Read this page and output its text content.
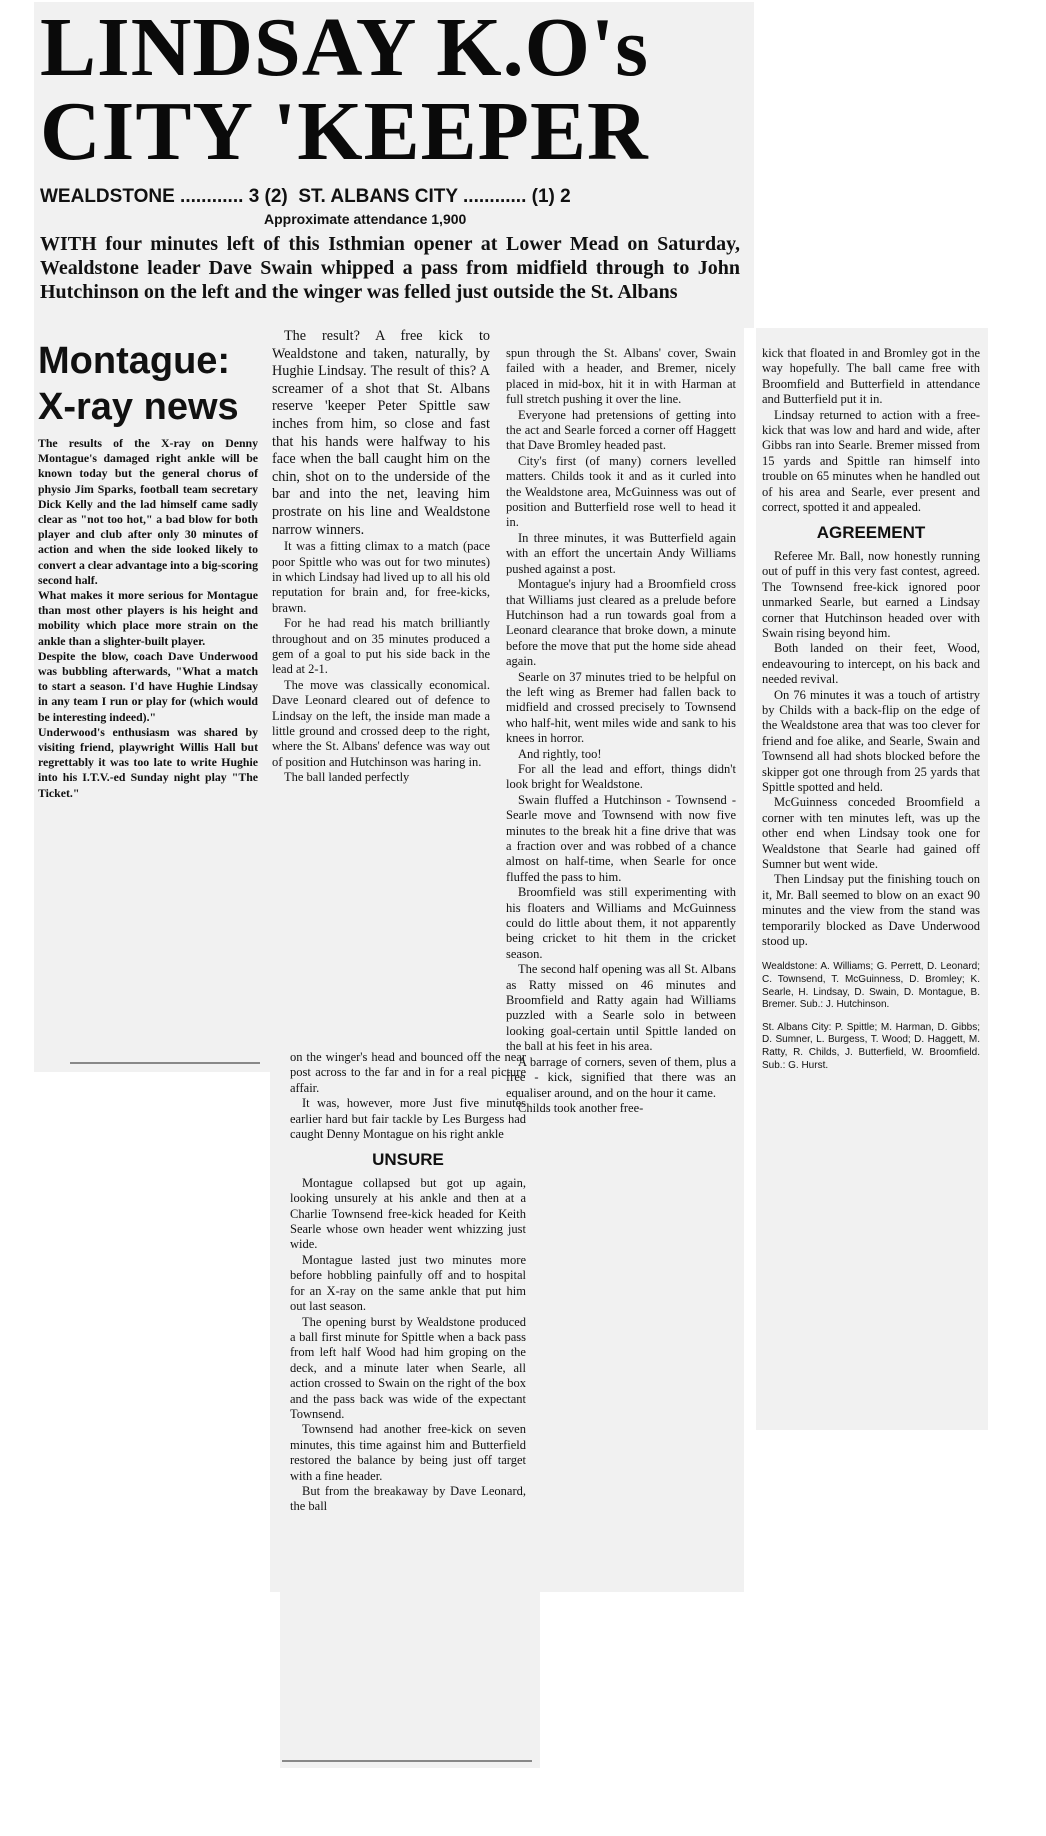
LINDSAY K.O's
CITY 'KEEPER
WEALDSTONE ............ 3 (2) ST. ALBANS CITY ............ (1) 2
Approximate attendance 1,900
WITH four minutes left of this Isthmian opener at Lower Mead on Saturday, Wealdstone leader Dave Swain whipped a pass from midfield through to John Hutchinson on the left and the winger was felled just outside the St. Albans
Montague:
X-ray news

The results of the X-ray on Denny Montague's damaged right ankle will be known today but the general chorus of physio Jim Sparks, football team secretary Dick Kelly and the lad himself came sadly clear as "not too hot," a bad blow for both player and club after only 30 minutes of action and when the side looked likely to convert a clear advantage into a big-scoring second half.

What makes it more serious for Montague than most other players is his height and mobility which place more strain on the ankle than a slighter-built player.

Despite the blow, coach Dave Underwood was bubbling afterwards, "What a match to start a season. I'd have Hughie Lindsay in any team I run or play for (which would be interesting indeed)."

Underwood's enthusiasm was shared by visiting friend, playwright Willis Hall but regrettably it was too late to write Hughie into his I.T.V.-ed Sunday night play "The Ticket."

The result? A free kick to Wealdstone and taken, naturally, by Hughie Lindsay. The result of this? A screamer of a shot that St. Albans reserve 'keeper Peter Spittle saw inches from him, so close and fast that his hands were halfway to his face when the ball caught him on the chin, shot on to the underside of the bar and into the net, leaving him prostrate on his line and Wealdstone narrow winners.

It was a fitting climax to a match (pace poor Spittle who was out for two minutes) in which Lindsay had lived up to all his old reputation for brain and, for free-kicks, brawn.

For he had read his match brilliantly throughout and on 35 minutes produced a gem of a goal to put his side back in the lead at 2-1.

The move was classically economical. Dave Leonard cleared out of defence to Lindsay on the left, the inside man made a little ground and crossed deep to the right, where the St. Albans' defence was way out of position and Hutchinson was haring in.

The ball landed perfectly

on the winger's head and bounced off the near post across to the far and in for a real picture affair.

It was, however, more Just five minutes earlier hard but fair tackle by Les Burgess had caught Denny Montague on his right ankle

UNSURE

Montague collapsed but got up again, looking unsurely at his ankle and then at a Charlie Townsend free-kick headed for Keith Searle whose own header went whizzing just wide.

Montague lasted just two minutes more before hobbling painfully off and to hospital for an X-ray on the same ankle that put him out last season.

The opening burst by Wealdstone produced a ball first minute for Spittle when a back pass from left half Wood had him groping on the deck, and a minute later when Searle, all action crossed to Swain on the right of the box and the pass back was wide of the expectant Townsend.

Townsend had another free-kick on seven minutes, this time against him and Butterfield restored the balance by being just off target with a fine header.

But from the breakaway by Dave Leonard, the ball

spun through the St. Albans' cover, Swain failed with a header, and Bremer, nicely placed in mid-box, hit it in with Harman at full stretch pushing it over the line.

Everyone had pretensions of getting into the act and Searle forced a corner off Haggett that Dave Bromley headed past.

City's first (of many) corners levelled matters. Childs took it and as it curled into the Wealdstone area, McGuinness was out of position and Butterfield rose well to head it in.

In three minutes, it was Butterfield again with an effort the uncertain Andy Williams pushed against a post.

Montague's injury had a Broomfield cross that Williams just cleared as a prelude before Hutchinson had a run towards goal from a Leonard clearance that broke down, a minute before the move that put the home side ahead again.

Searle on 37 minutes tried to be helpful on the left wing as Bremer had fallen back to midfield and crossed precisely to Townsend who half-hit, went miles wide and sank to his knees in horror.

And rightly, too!

For all the lead and effort, things didn't look bright for Wealdstone.

Swain fluffed a Hutchinson - Townsend - Searle move and Townsend with now five minutes to the break hit a fine drive that was a fraction over and was robbed of a chance almost on half-time, when Searle for once fluffed the pass to him.

Broomfield was still experimenting with his floaters and Williams and McGuinness could do little about them, it not apparently being cricket to hit them in the cricket season.

The second half opening was all St. Albans as Ratty missed on 46 minutes and Broomfield and Ratty again had Williams puzzled with a Searle solo in between looking goal-certain until Spittle landed on the ball at his feet in his area.

A barrage of corners, seven of them, plus a free - kick, signified that there was an equaliser around, and on the hour it came.

Childs took another free-

kick that floated in and Bromley got in the way hopefully. The ball came free with Broomfield and Butterfield in attendance and Butterfield put it in.

Lindsay returned to action with a free-kick that was low and hard and wide, after Gibbs ran into Searle. Bremer missed from 15 yards and Spittle ran himself into trouble on 65 minutes when he handled out of his area and Searle, ever present and correct, spotted it and appealed.

AGREEMENT

Referee Mr. Ball, now honestly running out of puff in this very fast contest, agreed. The Townsend free-kick ignored poor unmarked Searle, but earned a Lindsay corner that Hutchinson headed over with Swain rising beyond him.

Both landed on their feet, Wood, endeavouring to intercept, on his back and needed revival.

On 76 minutes it was a touch of artistry by Childs with a back-flip on the edge of the Wealdstone area that was too clever for friend and foe alike, and Searle, Swain and Townsend all had shots blocked before the skipper got one through from 25 yards that Spittle spotted and held.

McGuinness conceded Broomfield a corner with ten minutes left, was up the other end when Lindsay took one for Wealdstone that Searle had gained off Sumner but went wide.

Then Lindsay put the finishing touch on it, Mr. Ball seemed to blow on an exact 90 minutes and the view from the stand was temporarily blocked as Dave Underwood stood up.

Wealdstone: A. Williams; G. Perrett, D. Leonard; C. Townsend, T. McGuinness, D. Bromley; K. Searle, H. Lindsay, D. Swain, D. Montague, B. Bremer. Sub.: J. Hutchinson.

St. Albans City: P. Spittle; M. Harman, D. Gibbs; D. Sumner, L. Burgess, T. Wood; D. Haggett, M. Ratty, R. Childs, J. Butterfield, W. Broomfield. Sub.: G. Hurst.
